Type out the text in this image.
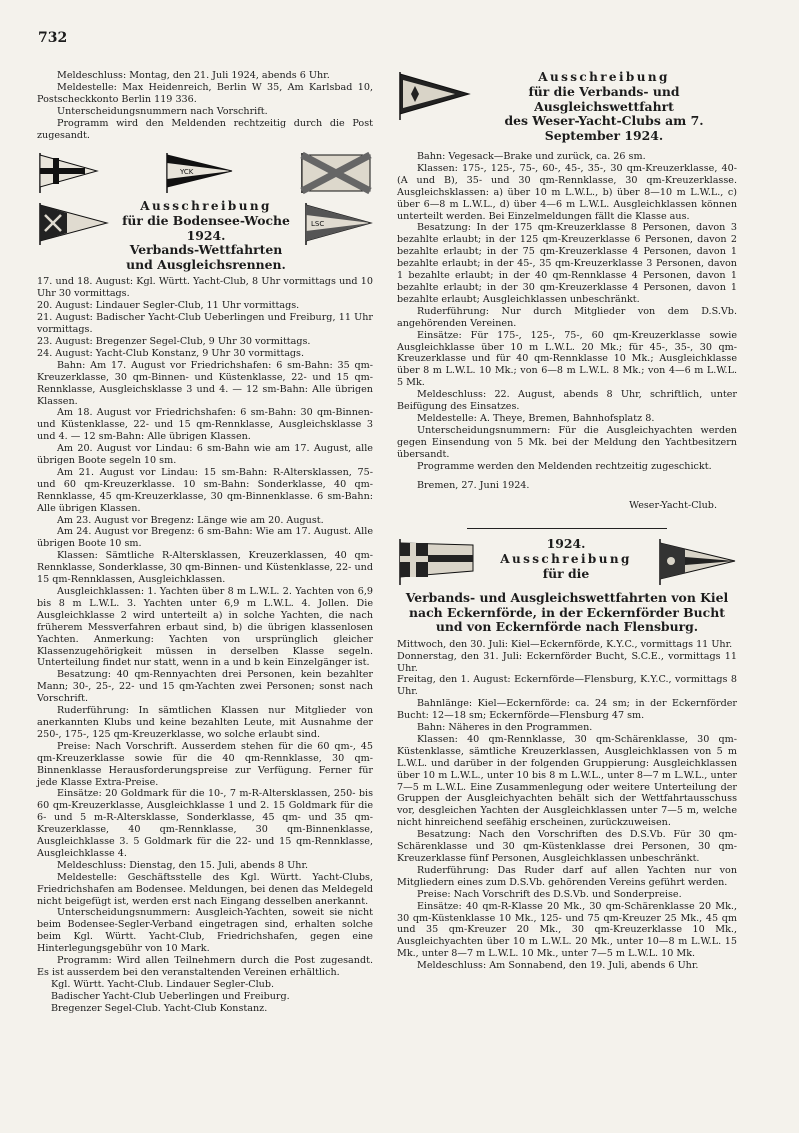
732

Meldeschluss: Montag, den 21. Juli 1924, abends 6 Uhr.

Meldestelle: Max Heidenreich, Berlin W 35, Am Karlsbad 10, Postscheckkonto Berlin 119 336.

Unterscheidungsnummern nach Vorschrift.

Programm wird den Meldenden rechtzeitig durch die Post zugesandt.

YCK
Ausschreibung
für die Bodensee-Woche 1924.
Verbands-Wettfahrten
und Ausgleichsrennen.
LSC

17. und 18. August: Kgl. Württ. Yacht-Club, 8 Uhr vormittags und 10 Uhr 30 vormittags.

20. August: Lindauer Segler-Club, 11 Uhr vormittags.

21. August: Badischer Yacht-Club Ueberlingen und Freiburg, 11 Uhr vormittags.

23. August: Bregenzer Segel-Club, 9 Uhr 30 vormittags.

24. August: Yacht-Club Konstanz, 9 Uhr 30 vormittags.

Bahn: Am 17. August vor Friedrichshafen: 6 sm-Bahn: 35 qm-Kreuzerklasse, 30 qm-Binnen- und Küstenklasse, 22- und 15 qm-Rennklasse, Ausgleichsklasse 3 und 4. — 12 sm-Bahn: Alle übrigen Klassen.

Am 18. August vor Friedrichshafen: 6 sm-Bahn: 30 qm-Binnen- und Küstenklasse, 22- und 15 qm-Rennklasse, Ausgleichsklasse 3 und 4. — 12 sm-Bahn: Alle übrigen Klassen.

Am 20. August vor Lindau: 6 sm-Bahn wie am 17. August, alle übrigen Boote segeln 10 sm.

Am 21. August vor Lindau: 15 sm-Bahn: R-Altersklassen, 75- und 60 qm-Kreuzerklasse. 10 sm-Bahn: Sonderklasse, 40 qm-Rennklasse, 45 qm-Kreuzerklasse, 30 qm-Binnenklasse. 6 sm-Bahn: Alle übrigen Klassen.

Am 23. August vor Bregenz: Länge wie am 20. August.

Am 24. August vor Bregenz: 6 sm-Bahn: Wie am 17. August. Alle übrigen Boote 10 sm.

Klassen: Sämtliche R-Altersklassen, Kreuzerklassen, 40 qm-Rennklasse, Sonderklasse, 30 qm-Binnen- und Küstenklasse, 22- und 15 qm-Rennklassen, Ausgleichklassen.

Ausgleichklassen: 1. Yachten über 8 m L.W.L. 2. Yachten von 6,9 bis 8 m L.W.L. 3. Yachten unter 6,9 m L.W.L. 4. Jollen. Die Ausgleichklasse 2 wird unterteilt a) in solche Yachten, die nach früherem Messverfahren erbaut sind, b) die übrigen klassenlosen Yachten. Anmerkung: Yachten von ursprünglich gleicher Klassenzugehörigkeit müssen in derselben Klasse segeln. Unterteilung findet nur statt, wenn in a und b kein Einzelgänger ist.

Besatzung: 40 qm-Rennyachten drei Personen, kein bezahlter Mann; 30-, 25-, 22- und 15 qm-Yachten zwei Personen; sonst nach Vorschrift.

Ruderführung: In sämtlichen Klassen nur Mitglieder von anerkannten Klubs und keine bezahlten Leute, mit Ausnahme der 250-, 175-, 125 qm-Kreuzerklasse, wo solche erlaubt sind.

Preise: Nach Vorschrift. Ausserdem stehen für die 60 qm-, 45 qm-Kreuzerklasse sowie für die 40 qm-Rennklasse, 30 qm-Binnenklasse Herausforderungspreise zur Verfügung. Ferner für jede Klasse Extra-Preise.

Einsätze: 20 Goldmark für die 10-, 7 m-R-Altersklassen, 250- bis 60 qm-Kreuzerklasse, Ausgleichklasse 1 und 2. 15 Goldmark für die 6- und 5 m-R-Altersklasse, Sonderklasse, 45 qm- und 35 qm-Kreuzerklasse, 40 qm-Rennklasse, 30 qm-Binnenklasse, Ausgleichklasse 3. 5 Goldmark für die 22- und 15 qm-Rennklasse, Ausgleichklasse 4.

Meldeschluss: Dienstag, den 15. Juli, abends 8 Uhr.

Meldestelle: Geschäftsstelle des Kgl. Württ. Yacht-Clubs, Friedrichshafen am Bodensee. Meldungen, bei denen das Meldegeld nicht beigefügt ist, werden erst nach Eingang desselben anerkannt.

Unterscheidungsnummern: Ausgleich-Yachten, soweit sie nicht beim Bodensee-Segler-Verband eingetragen sind, erhalten solche beim Kgl. Württ. Yacht-Club, Friedrichshafen, gegen eine Hinterlegungsgebühr von 10 Mark.

Programm: Wird allen Teilnehmern durch die Post zugesandt. Es ist ausserdem bei den veranstaltenden Vereinen erhältlich.

Kgl. Württ. Yacht-Club. Lindauer Segler-Club.

Badischer Yacht-Club Ueberlingen und Freiburg.

Bregenzer Segel-Club. Yacht-Club Konstanz.

Ausschreibung
für die Verbands- und Ausgleichswettfahrt
des Weser-Yacht-Clubs am 7. September 1924.

Bahn: Vegesack—Brake und zurück, ca. 26 sm.

Klassen: 175-, 125-, 75-, 60-, 45-, 35-, 30 qm-Kreuzerklasse, 40- (A und B), 35- und 30 qm-Rennklasse, 30 qm-Kreuzerklasse. Ausgleichsklassen: a) über 10 m L.W.L., b) über 8—10 m L.W.L., c) über 6—8 m L.W.L., d) über 4—6 m L.W.L. Ausgleichklassen können unterteilt werden. Bei Einzelmeldungen fällt die Klasse aus.

Besatzung: In der 175 qm-Kreuzerklasse 8 Personen, davon 3 bezahlte erlaubt; in der 125 qm-Kreuzerklasse 6 Personen, davon 2 bezahlte erlaubt; in der 75 qm-Kreuzerklasse 4 Personen, davon 1 bezahlte erlaubt; in der 45-, 35 qm-Kreuzerklasse 3 Personen, davon 1 bezahlte erlaubt; in der 40 qm-Rennklasse 4 Personen, davon 1 bezahlte erlaubt; in der 30 qm-Kreuzerklasse 4 Personen, davon 1 bezahlte erlaubt; Ausgleichklassen unbeschränkt.

Ruderführung: Nur durch Mitglieder von dem D.S.Vb. angehörenden Vereinen.

Einsätze: Für 175-, 125-, 75-, 60 qm-Kreuzerklasse sowie Ausgleichklasse über 10 m L.W.L. 20 Mk.; für 45-, 35-, 30 qm-Kreuzerklasse und für 40 qm-Rennklasse 10 Mk.; Ausgleichklasse über 8 m L.W.L. 10 Mk.; von 6—8 m L.W.L. 8 Mk.; von 4—6 m L.W.L. 5 Mk.

Meldeschluss: 22. August, abends 8 Uhr, schriftlich, unter Beifügung des Einsatzes.

Meldestelle: A. Theye, Bremen, Bahnhofsplatz 8.

Unterscheidungsnummern: Für die Ausgleichyachten werden gegen Einsendung von 5 Mk. bei der Meldung den Yachtbesitzern übersandt.

Programme werden den Meldenden rechtzeitig zugeschickt.

Bremen, 27. Juni 1924.

Weser-Yacht-Club.

1924.
Ausschreibung
für die
Verbands- und Ausgleichswettfahrten von Kiel nach Eckernförde, in der Eckernförder Bucht und von Eckernförde nach Flensburg.

Mittwoch, den 30. Juli: Kiel—Eckernförde, K.Y.C., vormittags 11 Uhr.

Donnerstag, den 31. Juli: Eckernförder Bucht, S.C.E., vormittags 11 Uhr.

Freitag, den 1. August: Eckernförde—Flensburg, K.Y.C., vormittags 8 Uhr.

Bahnlänge: Kiel—Eckernförde: ca. 24 sm; in der Eckernförder Bucht: 12—18 sm; Eckernförde—Flensburg 47 sm.

Bahn: Näheres in den Programmen.

Klassen: 40 qm-Rennklasse, 30 qm-Schärenklasse, 30 qm-Küstenklasse, sämtliche Kreuzerklassen, Ausgleichklassen von 5 m L.W.L. und darüber in der folgenden Gruppierung: Ausgleichklassen über 10 m L.W.L., unter 10 bis 8 m L.W.L., unter 8—7 m L.W.L., unter 7—5 m L.W.L. Eine Zusammenlegung oder weitere Unterteilung der Gruppen der Ausgleichyachten behält sich der Wettfahrtausschuss vor, desgleichen Yachten der Ausgleichklassen unter 7—5 m, welche nicht hinreichend seefähig erscheinen, zurückzuweisen.

Besatzung: Nach den Vorschriften des D.S.Vb. Für 30 qm-Schärenklasse und 30 qm-Küstenklasse drei Personen, 30 qm-Kreuzerklasse fünf Personen, Ausgleichklassen unbeschränkt.

Ruderführung: Das Ruder darf auf allen Yachten nur von Mitgliedern eines zum D.S.Vb. gehörenden Vereins geführt werden.

Preise: Nach Vorschrift des D.S.Vb. und Sonderpreise.

Einsätze: 40 qm-R-Klasse 20 Mk., 30 qm-Schärenklasse 20 Mk., 30 qm-Küstenklasse 10 Mk., 125- und 75 qm-Kreuzer 25 Mk., 45 qm und 35 qm-Kreuzer 20 Mk., 30 qm-Kreuzerklasse 10 Mk., Ausgleichyachten über 10 m L.W.L. 20 Mk., unter 10—8 m L.W.L. 15 Mk., unter 8—7 m L.W.L. 10 Mk., unter 7—5 m L.W.L. 10 Mk.

Meldeschluss: Am Sonnabend, den 19. Juli, abends 6 Uhr.
